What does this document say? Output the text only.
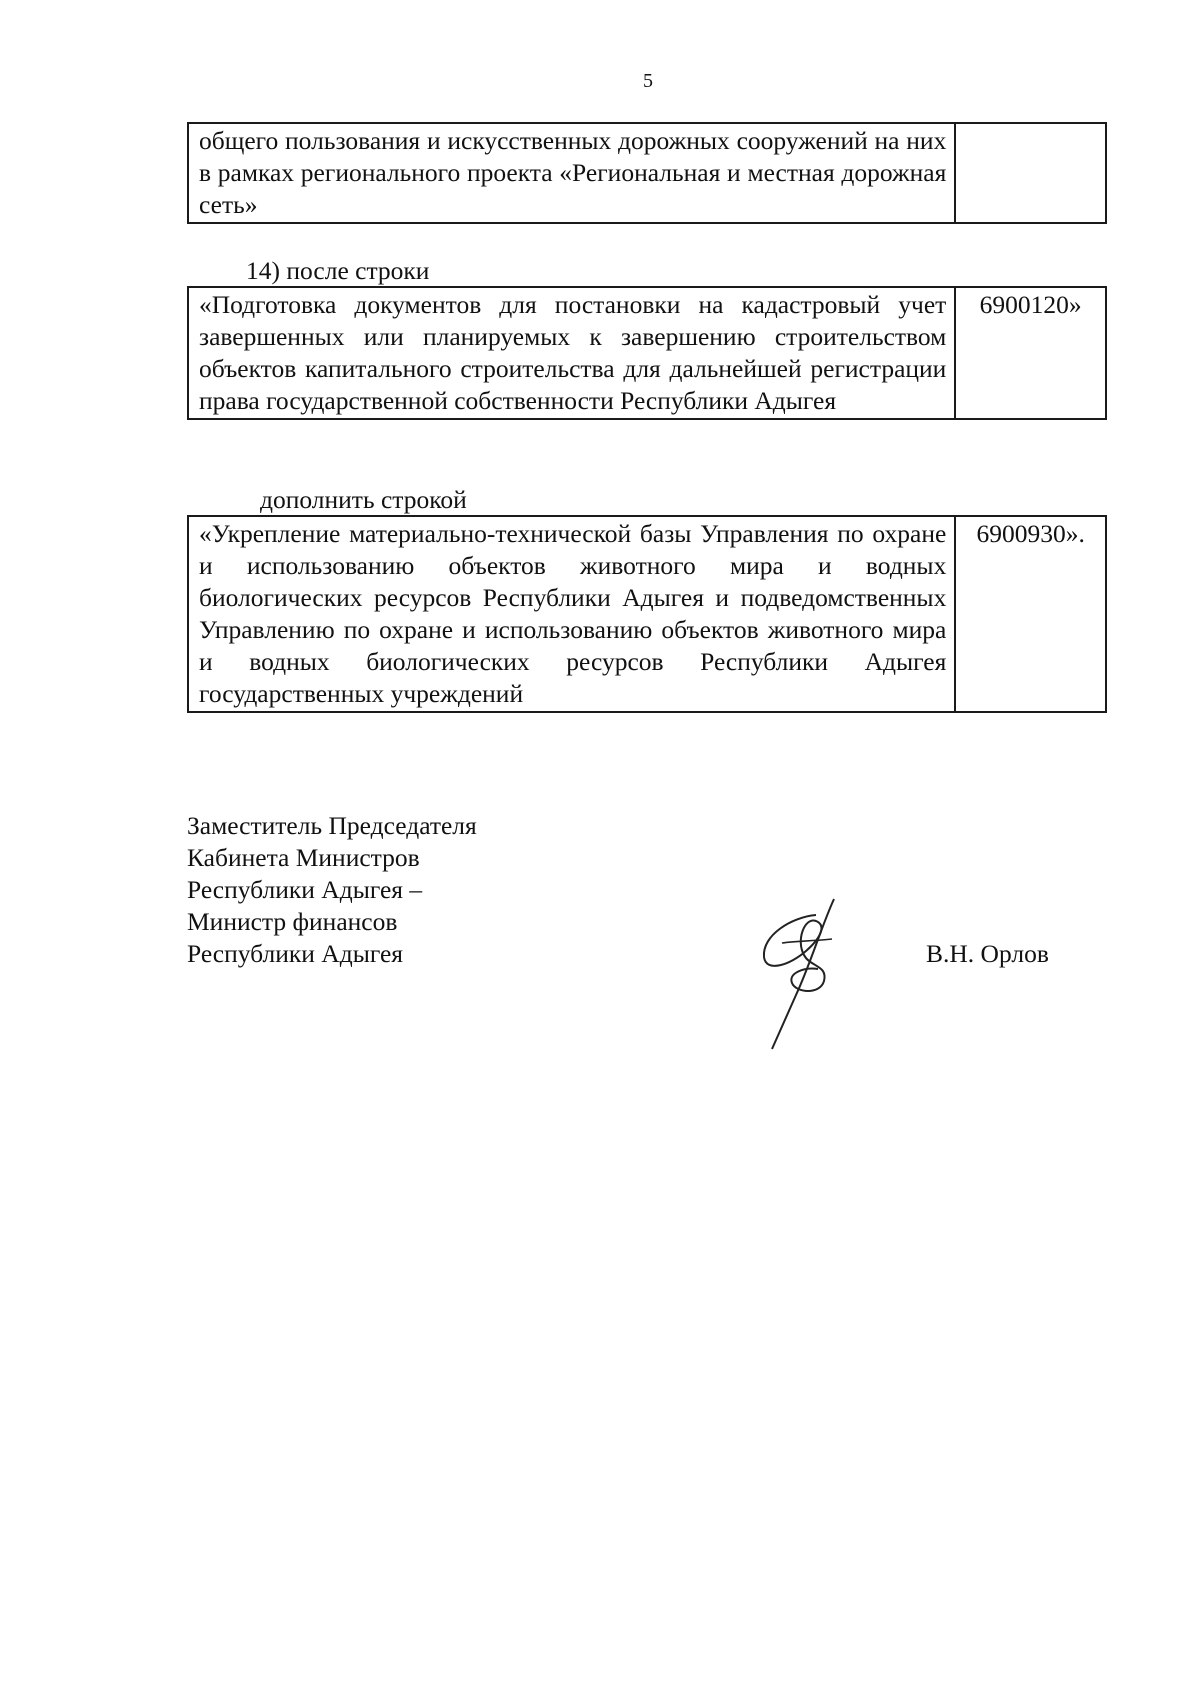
5
общего пользования и искусственных дорожных сооружений на них в рамках регионального проекта «Региональная и местная дорожная сеть»	

14) после строки

«Подготовка документов для постановки на кадастровый учет завершенных или планируемых к завершению строительством объектов капитального строительства для дальнейшей регистрации права государственной собственности Республики Адыгея	6900120»

дополнить строкой

«Укрепление материально-технической базы Управления по охране и использованию объектов животного мира и водных биологических ресурсов Республики Адыгея и подведомственных Управлению по охране и использованию объектов животного мира и водных биологических ресурсов Республики Адыгея государственных учреждений	6900930».
Заместитель Председателя
Кабинета Министров
Республики Адыгея –
Министр финансов
Республики Адыгея	В.Н. Орлов
